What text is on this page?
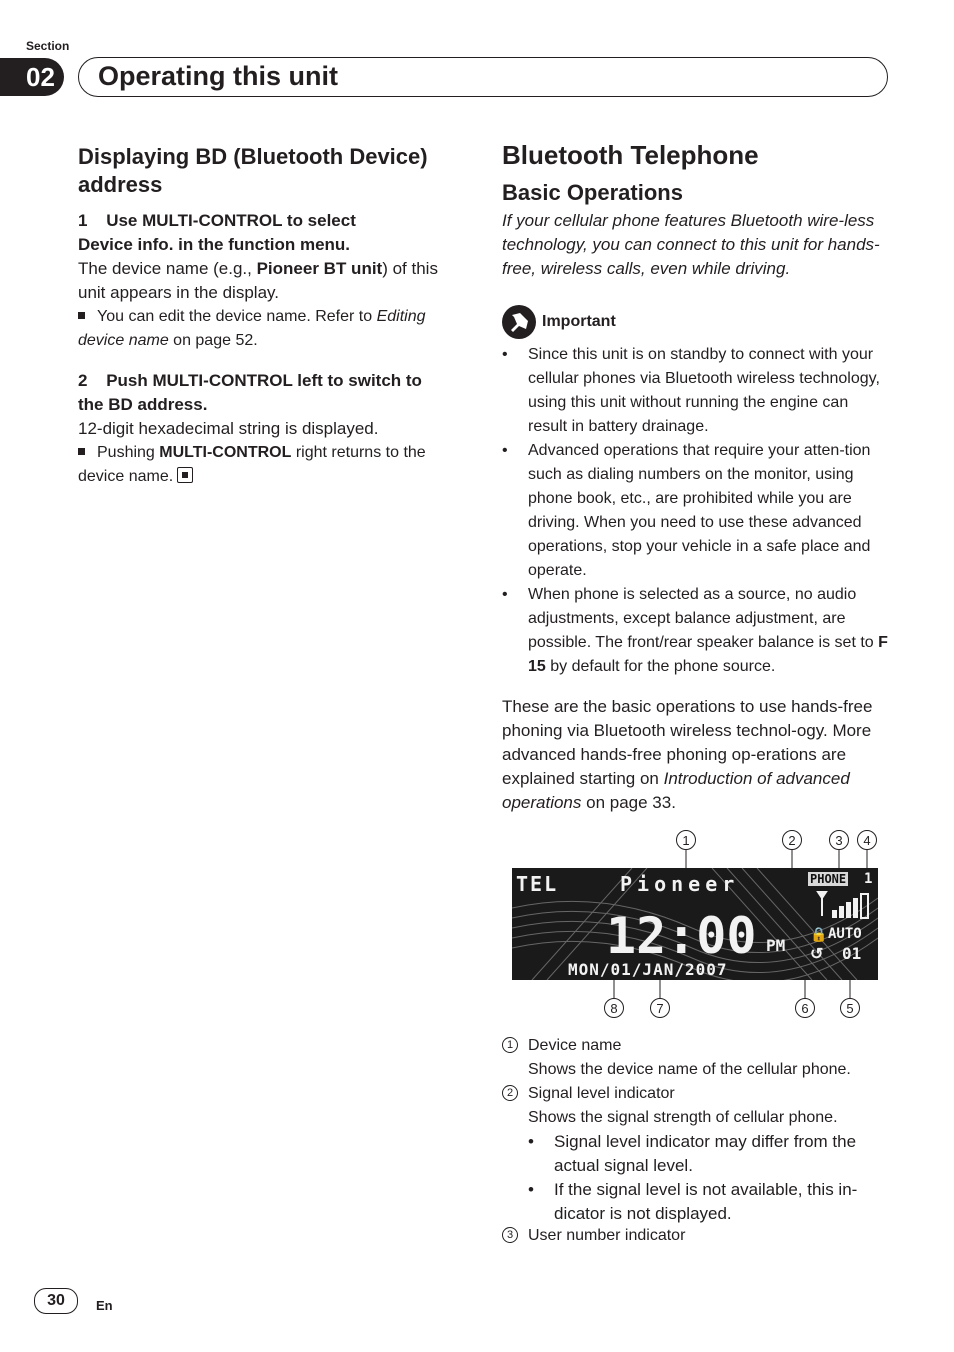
Section
02	Operating this unit
Displaying BD (Bluetooth Device) address
1 Use MULTI-CONTROL to select
Device info. in the function menu.
The device name (e.g., Pioneer BT unit) of this unit appears in the display.
You can edit the device name. Refer to Editing device name on page 52.
2 Push MULTI-CONTROL left to switch to
the BD address.
12-digit hexadecimal string is displayed.
Pushing MULTI-CONTROL right returns to the device name.
Bluetooth Telephone
Basic Operations
If your cellular phone features Bluetooth wire-less technology, you can connect to this unit for hands-free, wireless calls, even while driving.
Important
• Since this unit is on standby to connect with your cellular phones via Bluetooth wireless technology, using this unit without running the engine can result in battery drainage.
• Advanced operations that require your atten-tion such as dialing numbers on the monitor, using phone book, etc., are prohibited while you are driving. When you need to use these advanced operations, stop your vehicle in a safe place and operate.
• When phone is selected as a source, no audio adjustments, except balance adjustment, are possible. The front/rear speaker balance is set to F 15 by default for the phone source.
These are the basic operations to use hands-free phoning via Bluetooth wireless technol-ogy. More advanced hands-free phoning op-erations are explained starting on Introduction of advanced operations on page 33.
1	2	3	4
5
6
7
8
TEL	Pioneer	PHONE 1
12:00 PM
🔒 AUTO
↺ 01
MON/01/JAN/2007
1 Device name
Shows the device name of the cellular phone.
2 Signal level indicator
Shows the signal strength of cellular phone.
• Signal level indicator may differ from the actual signal level.
• If the signal level is not available, this in-dicator is not displayed.
3 User number indicator
30	En
